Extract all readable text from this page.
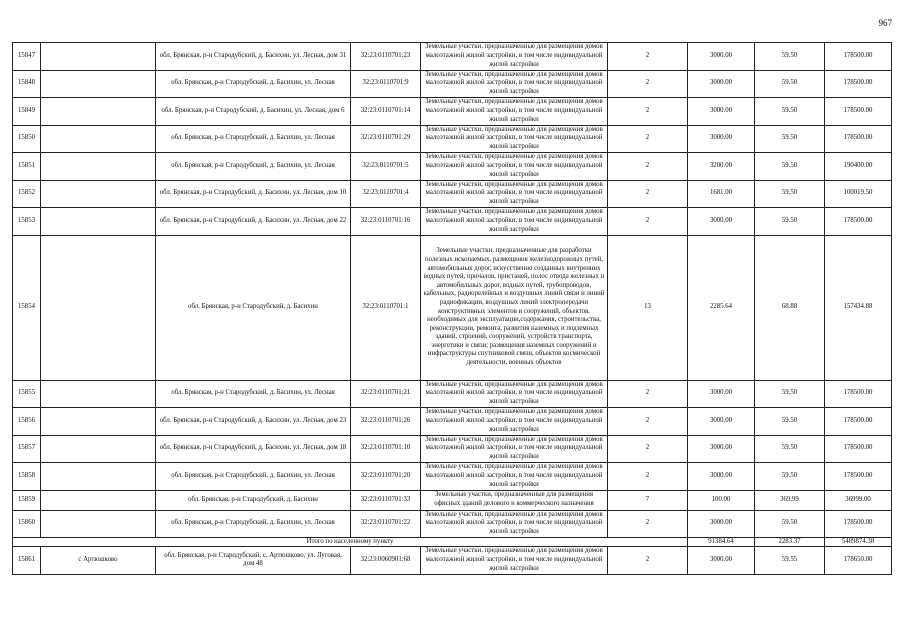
967
15847		обл. Брянская, р-н Стародубский, д. Басихин, ул. Лесная, дом 31	32:23:0110701:23	Земельные участки, предназначенные для размещения домов малоэтажной жилой застройки, в том числе индивидуальной жилой застройки	2	3000.00	59.50	178500.00
15848		обл. Брянская, р-н Стародубский, д. Басихин, ул. Лесная	32:23:0110701:9	Земельные участки, предназначенные для размещения домов малоэтажной жилой застройки, в том числе индивидуальной жилой застройки	2	3000.00	59.50	178500.00
15849		обл. Брянская, р-н Стародубский, д. Басихин, ул. Лесная, дом 6	32:23:0110701:14	Земельные участки, предназначенные для размещения домов малоэтажной жилой застройки, в том числе индивидуальной жилой застройки	2	3000.00	59.50	178500.00
15850		обл. Брянская, р-н Стародубский, д. Басихин, ул. Лесная	32:23:0110701:29	Земельные участки, предназначенные для размещения домов малоэтажной жилой застройки, в том числе индивидуальной жилой застройки	2	3000.00	59.50	178500.00
15851		обл. Брянская, р-н Стародубский, д. Басихин, ул. Лесная	32:23:0110701:5	Земельные участки, предназначенные для размещения домов малоэтажной жилой застройки, в том числе индивидуальной жилой застройки	2	3200.00	59.50	190400.00
15852		обл. Брянская, р-н Стародубский, д. Басихин, ул. Лесная, дом 10	32:23:0110701:4	Земельные участки, предназначенные для размещения домов малоэтажной жилой застройки, в том числе индивидуальной жилой застройки	2	1681.00	59.50	100019.50
15853		обл. Брянская, р-н Стародубский, д. Басихин, ул. Лесная, дом 22	32:23:0110701:16	Земельные участки, предназначенные для размещения домов малоэтажной жилой застройки, в том числе индивидуальной жилой застройки	2	3000.00	59.50	178500.00
15854		обл. Брянская, р-н Стародубский, д. Басихин	32:23:0110701:1	Земельные участки, предназначенные для разработки полезных ископаемых, размещения железнодорожных путей, автомобильных дорог, искусственно созданных внутренних водных путей, причалов, пристаней, полос отвода железных и автомобильных дорог, водных путей, трубопроводов, кабельных, радиорелейных и воздушных линий связи и линий радиофикации, воздушных линий электропередачи конструктивных элементов и сооружений, объектов, необходимых для эксплуатации,содержания, строительства, реконструкции, ремонта, развития наземных и подземных зданий, строений, сооружений, устройств транспорта, энергетики и связи; размещения наземных сооружений и инфраструктуры спутниковой связи, объектов космической деятельности, военных объектов	13	2285.64	68.88	157434.88
15855		обл. Брянская, р-н Стародубский, д. Басихин, ул. Лесная	32:23:0110701:21	Земельные участки, предназначенные для размещения домов малоэтажной жилой застройки, в том числе индивидуальной жилой застройки	2	3000.00	59.50	178500.00
15856		обл. Брянская, р-н Стародубский, д. Басихин, ул. Лесная, дом 23	32:23:0110701:26	Земельные участки, предназначенные для размещения домов малоэтажной жилой застройки, в том числе индивидуальной жилой застройки	2	3000.00	59.50	178500.00
15857		обл. Брянская, р-н Стародубский, д. Басихин, ул. Лесная, дом 18	32:23:0110701:10	Земельные участки, предназначенные для размещения домов малоэтажной жилой застройки, в том числе индивидуальной жилой застройки	2	3000.00	59.50	178500.00
15858		обл. Брянская, р-н Стародубский, д. Басихин, ул. Лесная	32:23:0110701:20	Земельные участки, предназначенные для размещения домов малоэтажной жилой застройки, в том числе индивидуальной жилой застройки	2	3000.00	59.50	178500.00
15859		обл. Брянская, р-н Стародубский, д. Басихин	32:23:0110701:33	Земельные участки, предназначенные для размещения офисных зданий делового и коммерческого назначения	7	100.00	369.99	36999.00
15860		обл. Брянская, р-н Стародубский, д. Басихин, ул. Лесная	32:23:0110701:22	Земельные участки, предназначенные для размещения домов малоэтажной жилой застройки, в том числе индивидуальной жилой застройки	2	3000.00	59.50	178500.00
Итого по населенному пункту						91384.64	2283.37	5489874.38
15861	с Артюшково	обл. Брянская, р-н Стародубский, с. Артюшково, ул. Луговая, дом 48	32:23:0060901:68	Земельные участки, предназначенные для размещения домов малоэтажной жилой застройки, в том числе индивидуальной жилой застройки	2	3000.00	59.55	178650.00
